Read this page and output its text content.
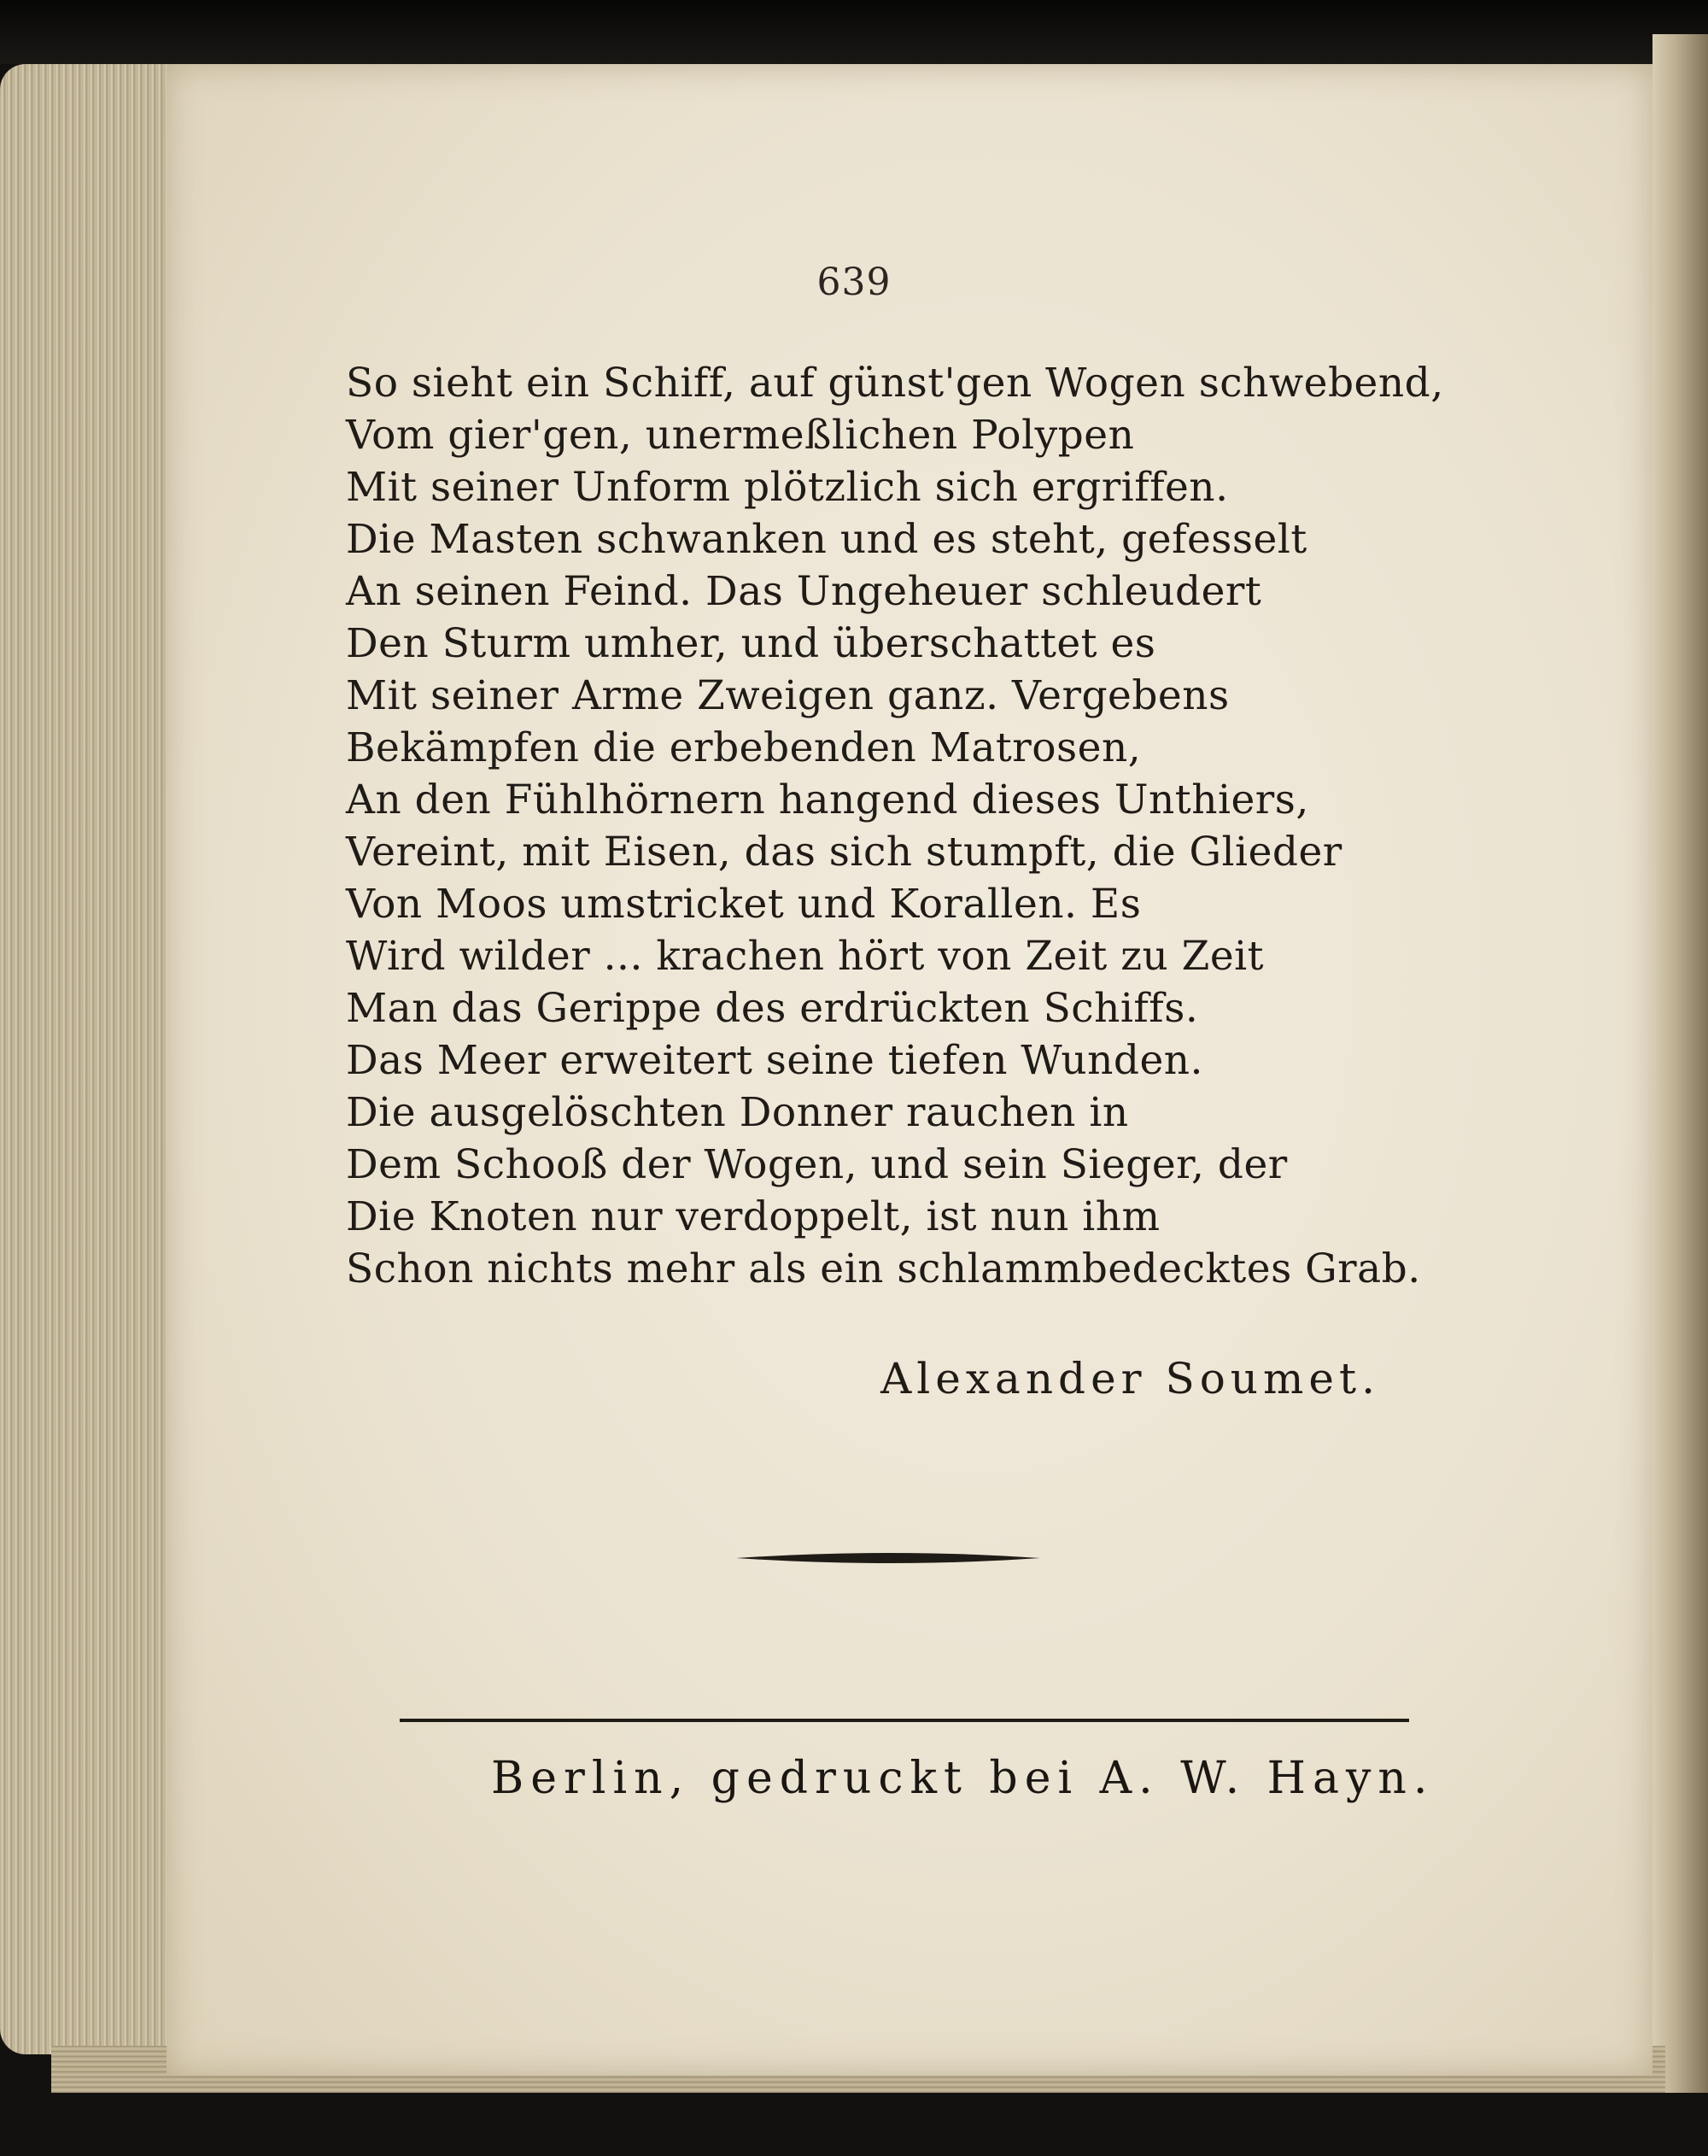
639
So sieht ein Schiff, auf günst'gen Wogen schwebend,
Vom gier'gen, unermeßlichen Polypen
Mit seiner Unform plötzlich sich ergriffen.
Die Masten schwanken und es steht, gefesselt
An seinen Feind. Das Ungeheuer schleudert
Den Sturm umher, und überschattet es
Mit seiner Arme Zweigen ganz. Vergebens
Bekämpfen die erbebenden Matrosen,
An den Fühlhörnern hangend dieses Unthiers,
Vereint, mit Eisen, das sich stumpft, die Glieder
Von Moos umstricket und Korallen. Es
Wird wilder ... krachen hört von Zeit zu Zeit
Man das Gerippe des erdrückten Schiffs.
Das Meer erweitert seine tiefen Wunden.
Die ausgelöschten Donner rauchen in
Dem Schooß der Wogen, und sein Sieger, der
Die Knoten nur verdoppelt, ist nun ihm
Schon nichts mehr als ein schlammbedecktes Grab.
Alexander Soumet.
Berlin, gedruckt bei A. W. Hayn.
